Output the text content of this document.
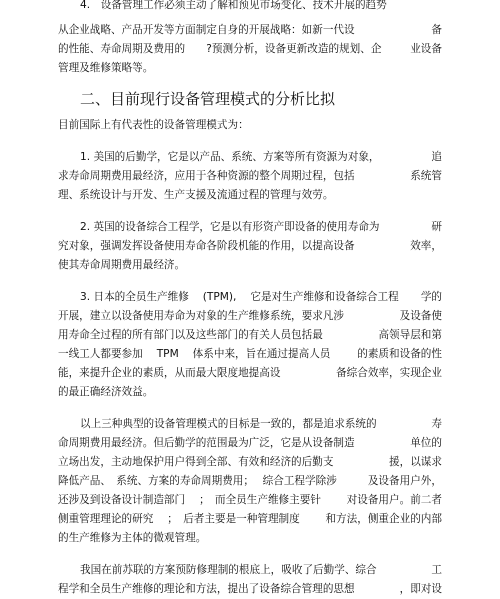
4.　设备管理工作必须主动了解和预见市场变化、技术开展的趋势
从企业战略、产品开发等方面制定自身的开展战略：如新一代设	备
的性能、寿命周期及费用的　　?预测分析，设备更新改造的规划、企	业设备
管理及维修策略等。
二、目前现行设备管理模式的分析比拟
目前国际上有代表性的设备管理模式为：
1. 美国的后勤学，它是以产品、系统、方案等所有资源为对象，	追
求寿命周期费用最经济，应用于各种资源的整个周期过程，包括	系统管
理、系统设计与开发、生产支援及流通过程的管理与效劳。
2. 英国的设备综合工程学，它是以有形资产即设备的使用寿命为	研
究对象，强调发挥设备使用寿命各阶段机能的作用，以提高设备	效率，
使其寿命周期费用最经济。
3. 日本的全员生产维修　 (TPM),　 它是对生产维修和设备综合工程 学的
开展，建立以设备使用寿命为对象的生产维修系统，要求凡涉	及设备使
用寿命全过程的所有部门以及这些部门的有关人员包括最	高领导层和第
一线工人都要参加　 TPM　 体系中来，旨在通过提高人员	的素质和设备的性
能，来提升企业的素质，从而最大限度地提高设	备综合效率，实现企业
的最正确经济效益。
以上三种典型的设备管理模式的目标是一致的，都是追求系统的	寿
命周期费用最经济。但后勤学的范围最为广泛，它是从设备制造	单位的
立场出发，主动地保护用户得到全部、有效和经济的后勤支	援，以谋求
降低产品、　系统、方案的寿命周期费用；　 综合工程学除涉	及设备用户外，
还涉及到设备设计制造部门　 ；　而全员生产维修主要针 对设备用户。前二者
侧重管理理论的研究　 ；　后者主要是一种管理制度 和方法，侧重企业的内部
的生产维修为主体的微观管理。
我国在前苏联的方案预防修理制的根底上，吸收了后勤学、综合	工
程学和全员生产维修的理论和方法，提出了设备综合管理的思想	，即对设
